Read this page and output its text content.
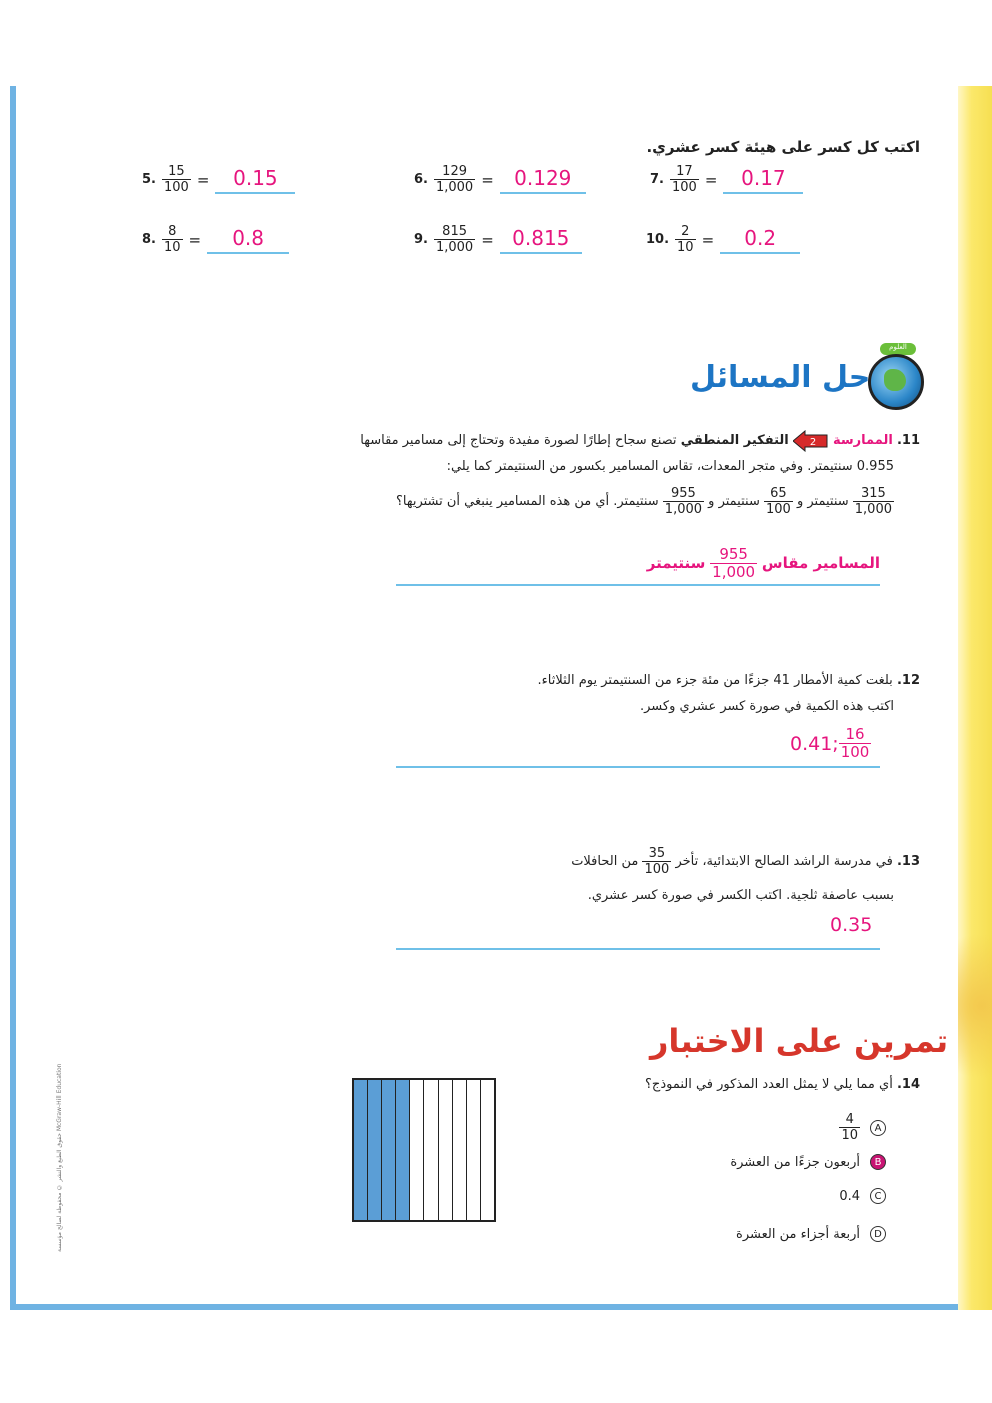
اكتب كل كسر على هيئة كسر عشري.
5. $\frac{15}{100}$ =	0.15	6. $\frac{129}{1,000}$ =	0.129	7. $\frac{17}{100}$ =	0.17
8. $\frac{8}{10}$ =	0.8	9. $\frac{815}{1,000} = 0.815$	10. $\frac{2}{10}$ =	0.2
العلوم
حل المسائل
11. الممارسة
2
التفكير المنطقي تصنع سجاح إطارًا لصورة مفيدة وتحتاج إلى مسامير مقاسها
0.955 سنتيمتر. وفي متجر المعدات، تقاس المسامير بكسور من السنتيمتر كما يلي:
$\frac{315}{1,000}$
سنتيمتر و
$\frac{65}{100}$
سنتيمتر و
$\frac{955}{1,000}$
سنتيمتر. أي من هذه المسامير ينبغي أن تشتريها؟
المسامير مقاس
$\frac{955}{1,000}$
سنتيمتر
12. بلغت كمية الأمطار 41 جزءًا من مئة جزء من السنتيمتر يوم الثلاثاء.
اكتب هذه الكمية في صورة كسر عشري وكسر.
0.41; $\frac{16}{100}$
13. في مدرسة الراشد الصالح الابتدائية، تأخر
$\frac{35}{100}$
من الحافلات
بسبب عاصفة ثلجية. اكتب الكسر في صورة كسر عشري.
0.35
حقوق الطبع والنشر © محفوظة لصالح مؤسسة McGraw-Hill Education
تمرين على الاختبار
14. أي مما يلي لا يمثل العدد المذكور في النموذج؟
A
$\frac{4}{10}$
B
أربعون جزءًا من العشرة
C
0.4
D
أربعة أجزاء من العشرة
